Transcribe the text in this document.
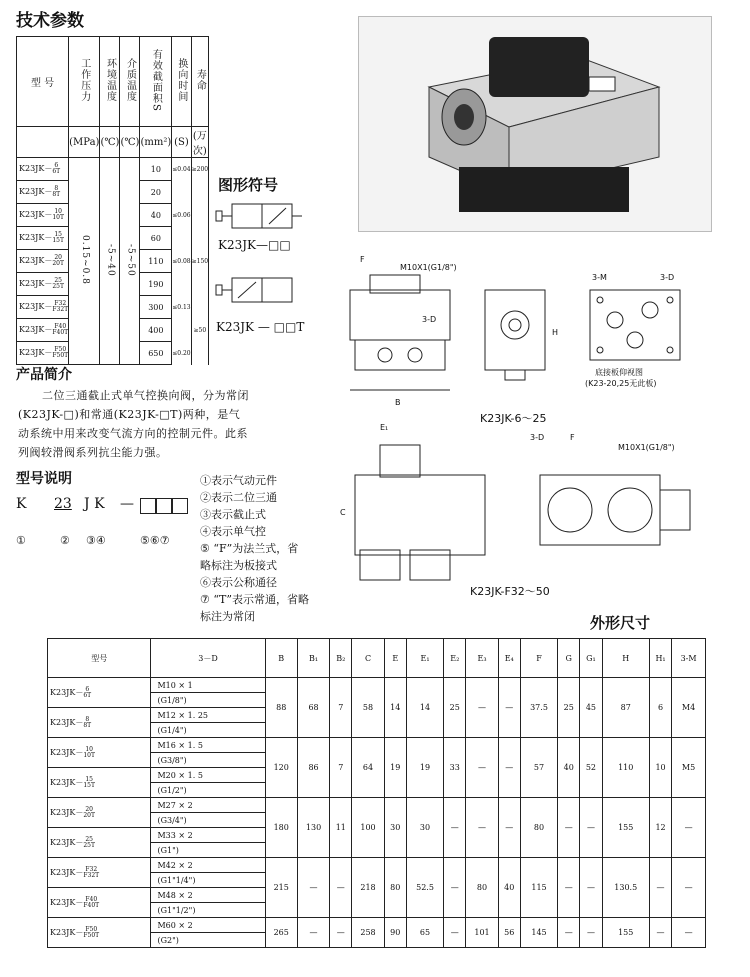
技术参数
型 号	工作压力	环境温度	介质温度	有效截面积S	换向时间	寿命
	(MPa)	(℃)	(℃)	(mm²)	(S)	(万次)
K23JK－ 6
6T	0.15~0.8	-5~40	-5~50	10	≤0.04	≥200
K23JK－ 8
8T				20		
K23JK－ 10
10T				40	≤0.06	
K23JK－ 15
15T				60		
K23JK－ 20
20T				110	≤0.08	≥150
K23JK－ 25
25T				190		
K23JK－ F32
F32T				300	≤0.13	
K23JK－ F40
F40T				400		≥50
K23JK－ F50
F50T				650	≤0.20	
图形符号
K23JK—□□
K23JK — □□T
产品简介
二位三通截止式单气控换向阀，分为常闭
(K23JK-□)和常通(K23JK-□T)两种，是气
动系统中用来改变气流方向的控制元件。此系
列阀较滑阀系列抗尘能力强。
型号说明
K 23 J K —
①	② ③④	⑤⑥⑦
①表示气动元件
②表示二位三通
③表示截止式
④表示单气控
⑤ “F”为法兰式，省
略标注为板接式
⑥表示公称通径
⑦ “T”表示常通，省略
标注为常闭
F
M10X1(G1/8")
3-D
H
B
3-M	3-D
底接板仰视图
(K23-20,25无此板)
K23JK-6～25
F
M10X1(G1/8")
3-D
E₁
C
K23JK-F32～50
外形尺寸
型号	3－D	B	B₁	B₂	C	E	E₁	E₂	E₃	E₄	F	G	G₁	H	H₁	3-M
K23JK－ 6
6T	M10 × 1	88	68	7	58	14	14	25	—	—	37.5	25	45	87	6	M4
	(G1/8")															
K23JK－ 8
8T	M12 × 1. 25															
	(G1/4")															
K23JK－ 10
10T	M16 × 1. 5	120	86	7	64	19	19	33	—	—	57	40	52	110	10	M5
	(G3/8")															
K23JK－ 15
15T	M20 × 1. 5															
	(G1/2")															
K23JK－ 20
20T	M27 × 2	180	130	11	100	30	30	—	—	—	80	—	—	155	12	—
	(G3/4")															
K23JK－ 25
25T	M33 × 2															
	(G1")															
K23JK－ F32
F32T	M42 × 2	215	—	—	218	80	52.5	—	80	40	115	—	—	130.5	—	—
	(G1"1/4")															
K23JK－ F40
F40T	M48 × 2															
	(G1"1/2")															
K23JK－ F50
F50T	M60 × 2	265	—	—	258	90	65	—	101	56	145	—	—	155	—	—
	(G2")															
